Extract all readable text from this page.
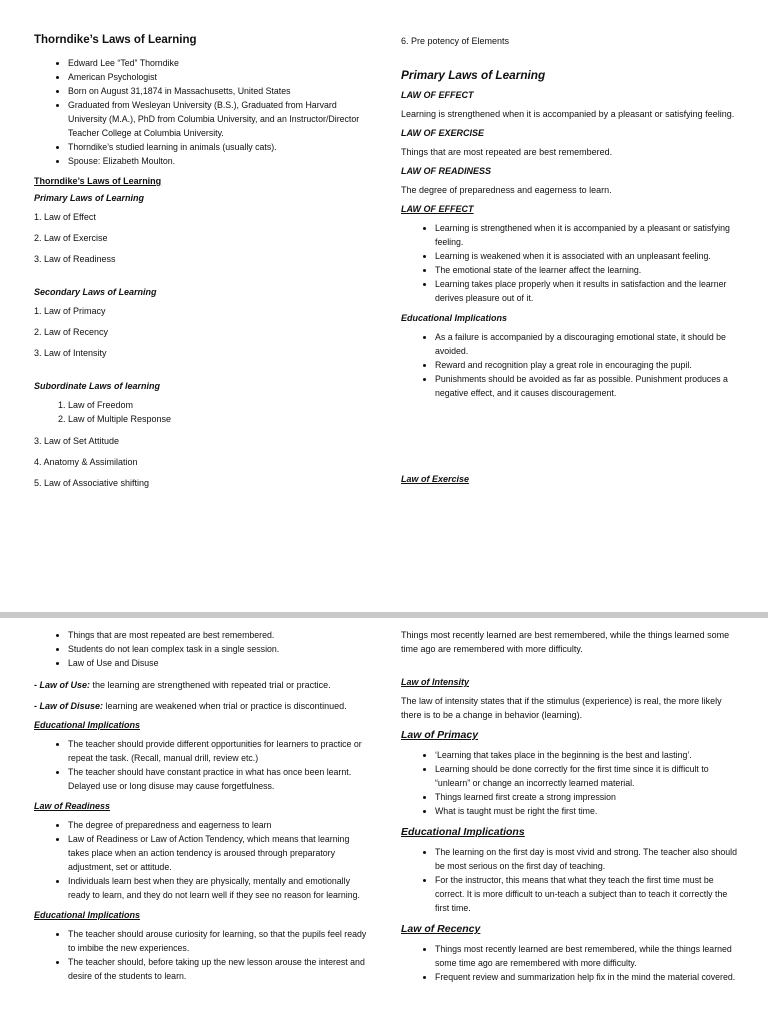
Thorndike’s Laws of Learning
• Edward Lee “Ted” Thorndike
• American Psychologist
• Born on August 31,1874 in Massachusetts, United States
• Graduated from Wesleyan University (B.S.), Graduated from Harvard University (M.A.), PhD from Columbia University, and an Instructor/Director Teacher College at Columbia University.
• Thorndike’s studied learning in animals (usually cats).
• Spouse: Elizabeth Moulton.
Thorndike’s Laws of Learning
Primary Laws of Learning

1. Law of Effect

2. Law of Exercise

3. Law of Readiness

Secondary Laws of Learning

1. Law of Primacy

2. Law of Recency

3. Law of Intensity

Subordinate Laws of learning
1. Law of Freedom
2. Law of Multiple Response

3. Law of Set Attitude

4. Anatomy & Assimilation

5. Law of Associative shifting

6. Pre potency of Elements

Primary Laws of Learning
LAW OF EFFECT

Learning is strengthened when it is accompanied by a pleasant or satisfying feeling.

LAW OF EXERCISE

Things that are most repeated are best remembered.

LAW OF READINESS

The degree of preparedness and eagerness to learn.

LAW OF EFFECT
• Learning is strengthened when it is accompanied by a pleasant or satisfying feeling.
• Learning is weakened when it is associated with an unpleasant feeling.
• The emotional state of the learner affect the learning.
• Learning takes place properly when it results in satisfaction and the learner derives pleasure out of it.
Educational Implications
• As a failure is accompanied by a discouraging emotional state, it should be avoided.
• Reward and recognition play a great role in encouraging the pupil.
• Punishments should be avoided as far as possible. Punishment produces a negative effect, and it causes discouragement.
Law of Exercise
• Things that are most repeated are best remembered.
• Students do not lean complex task in a single session.
• Law of Use and Disuse

- Law of Use: the learning are strengthened with repeated trial or practice.

- Law of Disuse: learning are weakened when trial or practice is discontinued.

Educational Implications
• The teacher should provide different opportunities for learners to practice or repeat the task. (Recall, manual drill, review etc.)
• The teacher should have constant practice in what has once been learnt. Delayed use or long disuse may cause forgetfulness.
Law of Readiness
• The degree of preparedness and eagerness to learn
• Law of Readiness or Law of Action Tendency, which means that learning takes place when an action tendency is aroused through preparatory adjustment, set or attitude.
• Individuals learn best when they are physically, mentally and emotionally ready to learn, and they do not learn well if they see no reason for learning.
Educational Implications
• The teacher should arouse curiosity for learning, so that the pupils feel ready to imbibe the new experiences.
• The teacher should, before taking up the new lesson arouse the interest and desire of the students to learn.

Things most recently learned are best remembered, while the things learned some time ago are remembered with more difficulty.

Law of Intensity

The law of intensity states that if the stimulus (experience) is real, the more likely there is to be a change in behavior (learning).

Law of Primacy
• ‘Learning that takes place in the beginning is the best and lasting’.
• Learning should be done correctly for the first time since it is difficult to “unlearn” or change an incorrectly learned material.
• Things learned first create a strong impression
• What is taught must be right the first time.
Educational Implications
• The learning on the first day is most vivid and strong. The teacher also should be most serious on the first day of teaching.
• For the instructor, this means that what they teach the first time must be correct. It is more difficult to un-teach a subject than to teach it correctly the first time.
Law of Recency
• Things most recently learned are best remembered, while the things learned some time ago are remembered with more difficulty.
• Frequent review and summarization help fix in the mind the material covered.
